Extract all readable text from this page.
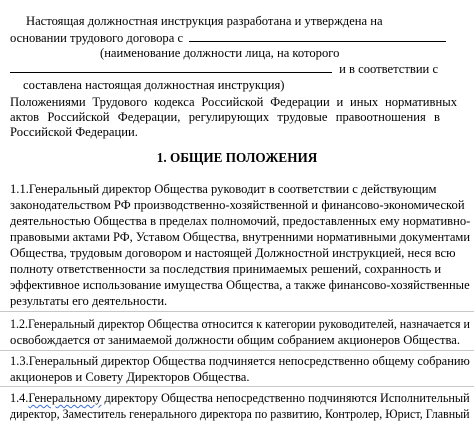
Настоящая должностная инструкция разработана и утверждена на
основании трудового договора с
(наименование должности лица, на которого
и в соответствии с
составлена настоящая должностная инструкция)
Положениями Трудового кодекса Российской Федерации и иных нормативных
актов Российской Федерации, регулирующих трудовые правоотношения в
Российской Федерации.
1. ОБЩИЕ ПОЛОЖЕНИЯ
1.1.Генеральный директор Общества руководит в соответствии с действующим
законодательством РФ производственно-хозяйственной и финансово-экономической
деятельностью Общества в пределах полномочий, предоставленных ему нормативно-
правовыми актами РФ, Уставом Общества, внутренними нормативными документами
Общества, трудовым договором и настоящей Должностной инструкцией, неся всю
полноту ответственности за последствия принимаемых решений, сохранность и
эффективное использование имущества Общества, а также финансово-хозяйственные
результаты его деятельности.
1.2.Генеральный директор Общества относится к категории руководителей, назначается и
освобождается от занимаемой должности общим собранием акционеров Общества.
1.3.Генеральный директор Общества подчиняется непосредственно общему собранию
акционеров и Совету Директоров Общества.
1.4.Генеральному директору Общества непосредственно подчиняются Исполнительный
директор, Заместитель генерального директора по развитию, Контролер, Юрист, Главный
